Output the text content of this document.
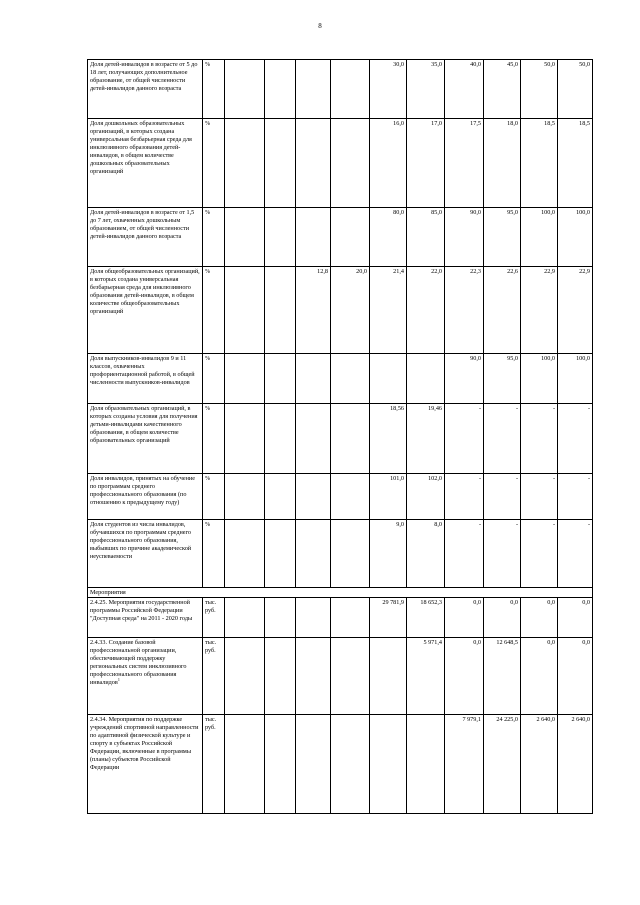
8
Доля детей-инвалидов в возрасте от 5 до 18 лет, получающих дополнительное образование, от общей численности детей-инвалидов данного возраста	%					30,0	35,0	40,0	45,0	50,0	50,0
Доля дошкольных образовательных организаций, в которых создана универсальная безбарьерная среда для инклюзивного образования детей-инвалидов, в общем количестве дошкольных образовательных организаций	%					16,0	17,0	17,5	18,0	18,5	18,5
Доля детей-инвалидов в возрасте от 1,5 до 7 лет, охваченных дошкольным образованием, от общей численности детей-инвалидов данного возраста	%					80,0	85,0	90,0	95,0	100,0	100,0
Доля общеобразовательных организаций, в которых создана универсальная безбарьерная среда для инклюзивного образования детей-инвалидов, в общем количестве общеобразовательных организаций	%			12,8	20,0	21,4	22,0	22,3	22,6	22,9	22,9
Доля выпускников-инвалидов 9 и 11 классов, охваченных профориентационной работой, в общей численности выпускников-инвалидов	%							90,0	95,0	100,0	100,0
Доля образовательных организаций, в которых созданы условия для получения детьми-инвалидами качественного образования, в общем количестве образовательных организаций	%					18,56	19,46	-	-	-	-
Доля инвалидов, принятых на обучение по программам среднего профессионального образования (по отношению к предыдущему году)	%					101,0	102,0	-	-	-	-
Доля студентов из числа инвалидов, обучавшихся по программам среднего профессионального образования, выбывших по причине академической неуспеваемости	%					9,0	8,0	-	-	-	-
Мероприятия											
2.4.25. Мероприятия государственной программы Российской Федерации "Доступная среда" на 2011 - 2020 годы	тыс. руб.					29 781,9	18 652,3	0,0	0,0	0,0	0,0
2.4.33. Создание базовой профессиональной организации, обеспечивающей поддержку региональных систем инклюзивного профессионального образования инвалидов$^1$	тыс. руб.						5 971,4	0,0	12 648,5	0,0	0,0
2.4.34. Мероприятия по поддержке учреждений спортивной направленности по адаптивной физической культуре и спорту в субъектах Российской Федерации, включенные в программы (планы) субъектов Российской Федерации	тыс. руб.							7 979,1	24 225,0	2 640,0	2 640,0
